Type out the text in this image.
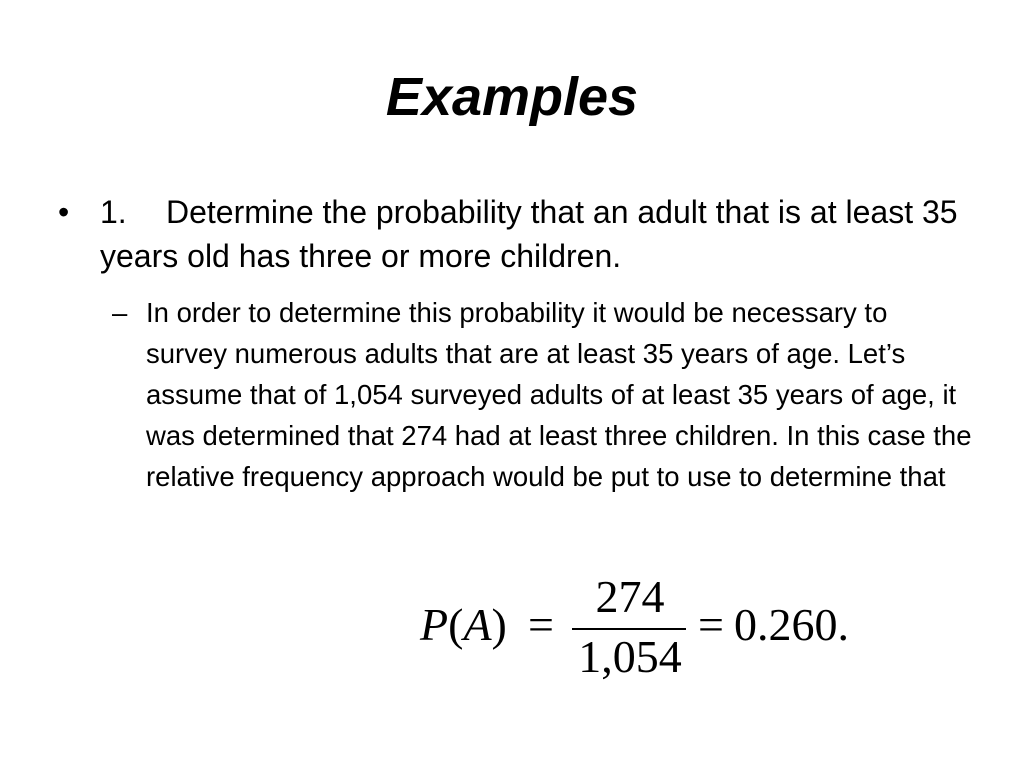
Examples
• 1. Determine the probability that an adult that is at least 35 years old has three or more children.
– In order to determine this probability it would be necessary to survey numerous adults that are at least 35 years of age. Let’s assume that of 1,054 surveyed adults of at least 35 years of age, it was determined that 274 had at least three children. In this case the relative frequency approach would be put to use to determine that
P(A) =
274
1,054
= 0.260.
